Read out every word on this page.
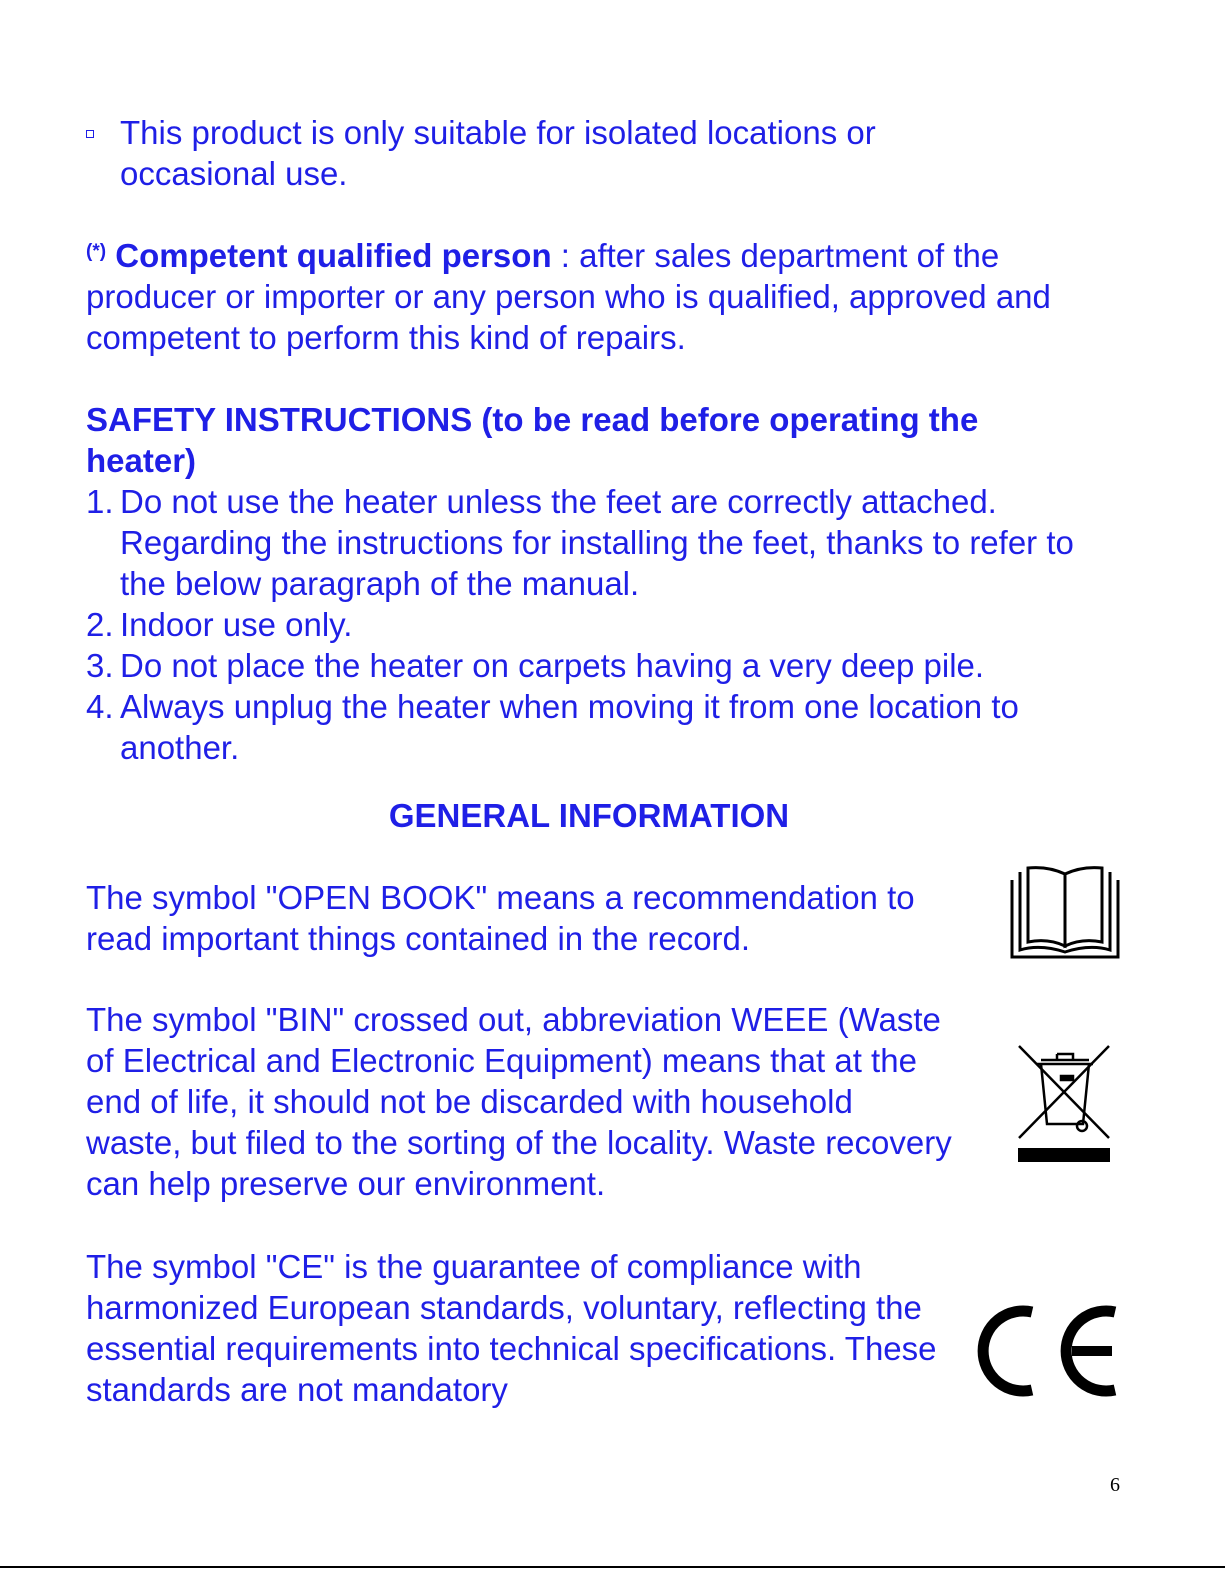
This product is only suitable for isolated locations or
occasional use.
(*) Competent qualified person : after sales department of the producer or importer or any person who is qualified, approved and competent to perform this kind of repairs.
SAFETY INSTRUCTIONS (to be read before operating the heater)
1. Do not use the heater unless the feet are correctly attached. Regarding the instructions for installing the feet, thanks to refer to the below paragraph of the manual.
2. Indoor use only.
3. Do not place the heater on carpets having a very deep pile.
4. Always unplug the heater when moving it from one location to another.
GENERAL INFORMATION
The symbol "OPEN BOOK" means a recommendation to read important things contained in the record.
The symbol "BIN" crossed out, abbreviation WEEE (Waste of Electrical and Electronic Equipment) means that at the end of life, it should not be discarded with household waste, but filed to the sorting of the locality. Waste recovery can help preserve our environment.
The symbol "CE" is the guarantee of compliance with harmonized European standards, voluntary, reflecting the essential requirements into technical specifications. These standards are not mandatory
6
